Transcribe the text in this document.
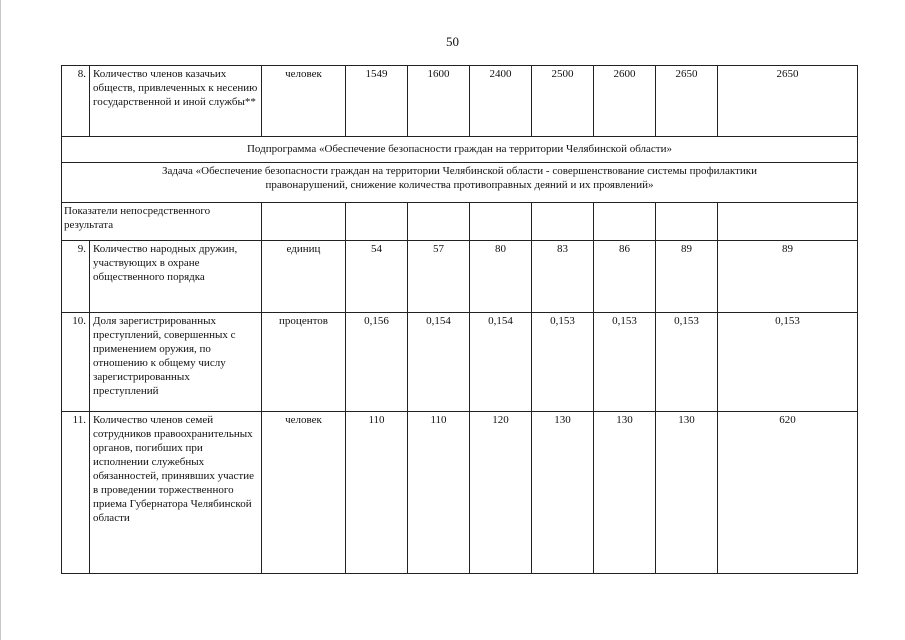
50
8.	Количество членов казачьих обществ, привлеченных к несению государственной и иной службы**	человек	1549	1600	2400	2500	2600	2650	2650
Подпрограмма «Обеспечение безопасности граждан на территории Челябинской области»									

Задача «Обеспечение безопасности граждан на территории Челябинской области - совершенствование системы профилактики
правонарушений, снижение количества противоправных деяний и их проявлений»									

Показатели непосредственного результата									
9.	Количество народных дружин, участвующих в охране общественного порядка	единиц	54	57	80	83	86	89	89
10.	Доля зарегистрированных преступлений, совершенных с применением оружия, по отношению к общему числу зарегистрированных преступлений	процентов	0,156	0,154	0,154	0,153	0,153	0,153	0,153
11.	Количество членов семей сотрудников правоохранительных органов, погибших при исполнении служебных обязанностей, принявших участие в проведении торжественного приема Губернатора Челябинской области	человек	110	110	120	130	130	130	620
